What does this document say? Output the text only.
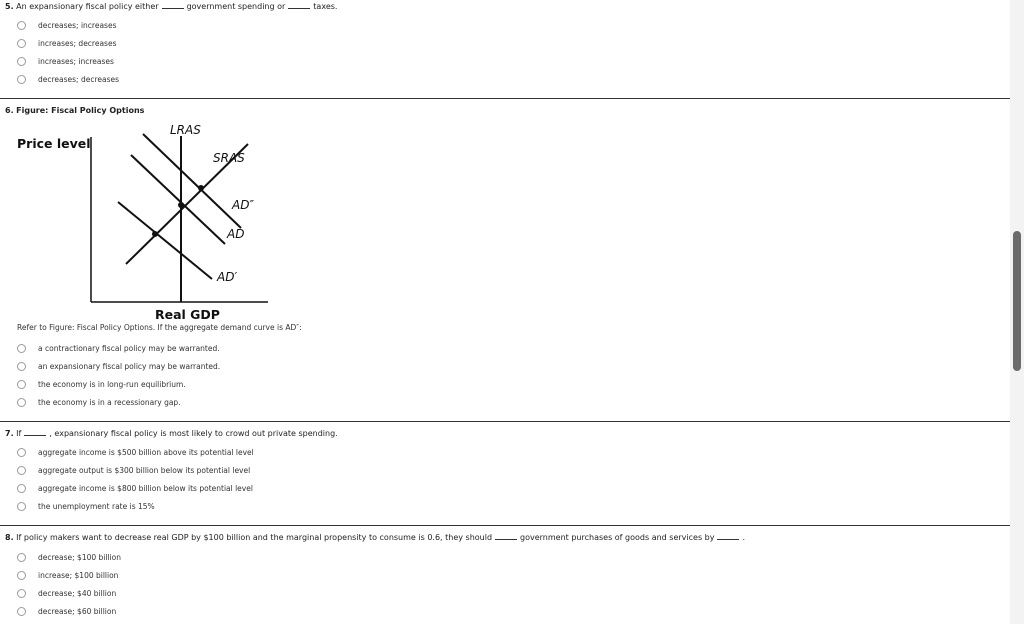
5. An expansionary fiscal policy either	government spending or	taxes.
decreases; increases
increases; decreases
increases; increases
decreases; decreases
6. Figure: Fiscal Policy Options
LRAS
SRAS
AD″
AD
AD′
Price level
Real GDP
Refer to Figure: Fiscal Policy Options. If the aggregate demand curve is AD″:
a contractionary fiscal policy may be warranted.
an expansionary fiscal policy may be warranted.
the economy is in long-run equilibrium.
the economy is in a recessionary gap.
7. If	, expansionary fiscal policy is most likely to crowd out private spending.
aggregate income is $500 billion above its potential level
aggregate output is $300 billion below its potential level
aggregate income is $800 billion below its potential level
the unemployment rate is 15%
8. If policy makers want to decrease real GDP by $100 billion and the marginal propensity to consume is 0.6, they should	government purchases of goods and services by	.
decrease; $100 billion
increase; $100 billion
decrease; $40 billion
decrease; $60 billion
